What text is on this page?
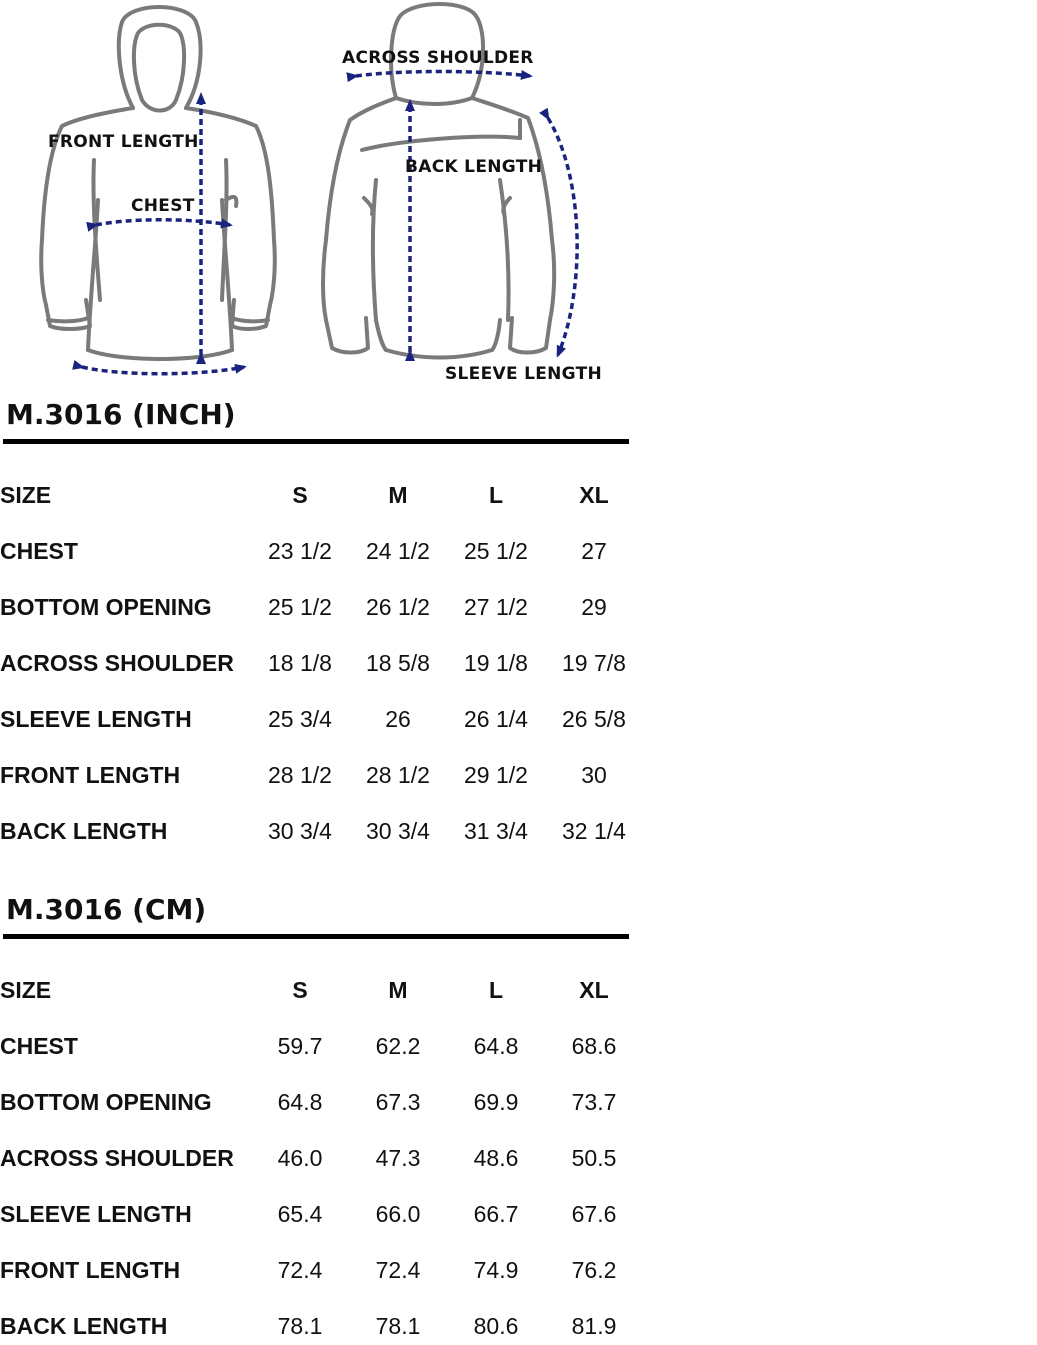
FRONT LENGTH
CHEST
ACROSS SHOULDER
BACK LENGTH
SLEEVE LENGTH
M.3016 (INCH)
SIZE	S	M	L	XL
CHEST	23 1/2	24 1/2	25 1/2	27
BOTTOM OPENING	25 1/2	26 1/2	27 1/2	29
ACROSS SHOULDER	18 1/8	18 5/8	19 1/8	19 7/8
SLEEVE LENGTH	25 3/4	26	26 1/4	26 5/8
FRONT LENGTH	28 1/2	28 1/2	29 1/2	30
BACK LENGTH	30 3/4	30 3/4	31 3/4	32 1/4
M.3016 (CM)
SIZE	S	M	L	XL
CHEST	59.7	62.2	64.8	68.6
BOTTOM OPENING	64.8	67.3	69.9	73.7
ACROSS SHOULDER	46.0	47.3	48.6	50.5
SLEEVE LENGTH	65.4	66.0	66.7	67.6
FRONT LENGTH	72.4	72.4	74.9	76.2
BACK LENGTH	78.1	78.1	80.6	81.9
